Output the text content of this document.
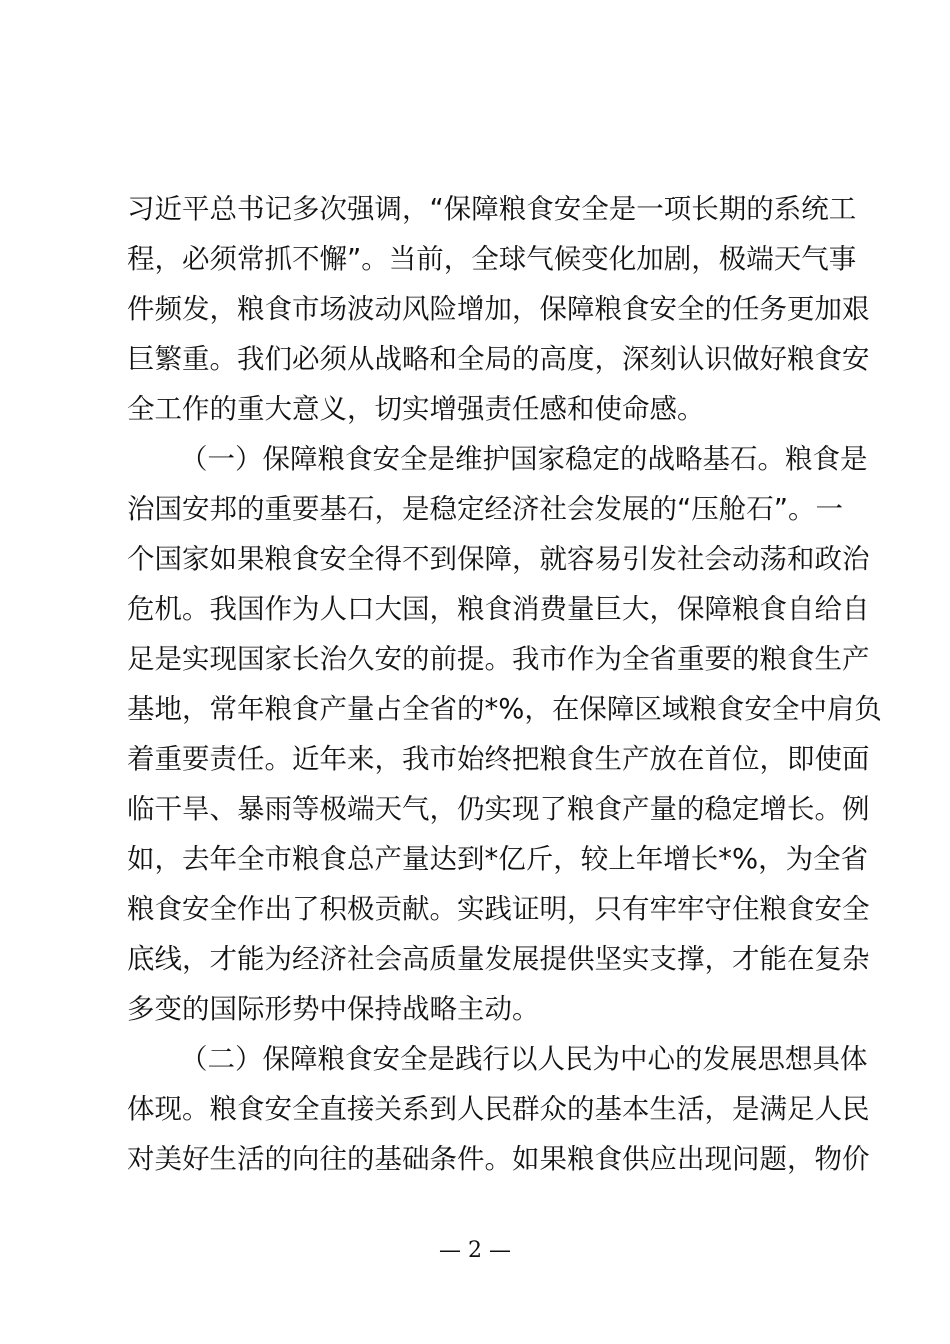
习近平总书记多次强调，“保障粮食安全是一项长期的系统工
程，必须常抓不懈”。当前，全球气候变化加剧，极端天气事
件频发，粮食市场波动风险增加，保障粮食安全的任务更加艰
巨繁重。我们必须从战略和全局的高度，深刻认识做好粮食安
全工作的重大意义，切实增强责任感和使命感。
（一）保障粮食安全是维护国家稳定的战略基石。粮食是
治国安邦的重要基石，是稳定经济社会发展的“压舱石”。一
个国家如果粮食安全得不到保障，就容易引发社会动荡和政治
危机。我国作为人口大国，粮食消费量巨大，保障粮食自给自
足是实现国家长治久安的前提。我市作为全省重要的粮食生产
基地，常年粮食产量占全省的*%，在保障区域粮食安全中肩负
着重要责任。近年来，我市始终把粮食生产放在首位，即使面
临干旱、暴雨等极端天气，仍实现了粮食产量的稳定增长。例
如，去年全市粮食总产量达到*亿斤，较上年增长*%，为全省
粮食安全作出了积极贡献。实践证明，只有牢牢守住粮食安全
底线，才能为经济社会高质量发展提供坚实支撑，才能在复杂
多变的国际形势中保持战略主动。
（二）保障粮食安全是践行以人民为中心的发展思想具体
体现。粮食安全直接关系到人民群众的基本生活，是满足人民
对美好生活的向往的基础条件。如果粮食供应出现问题，物价
— 2 —
